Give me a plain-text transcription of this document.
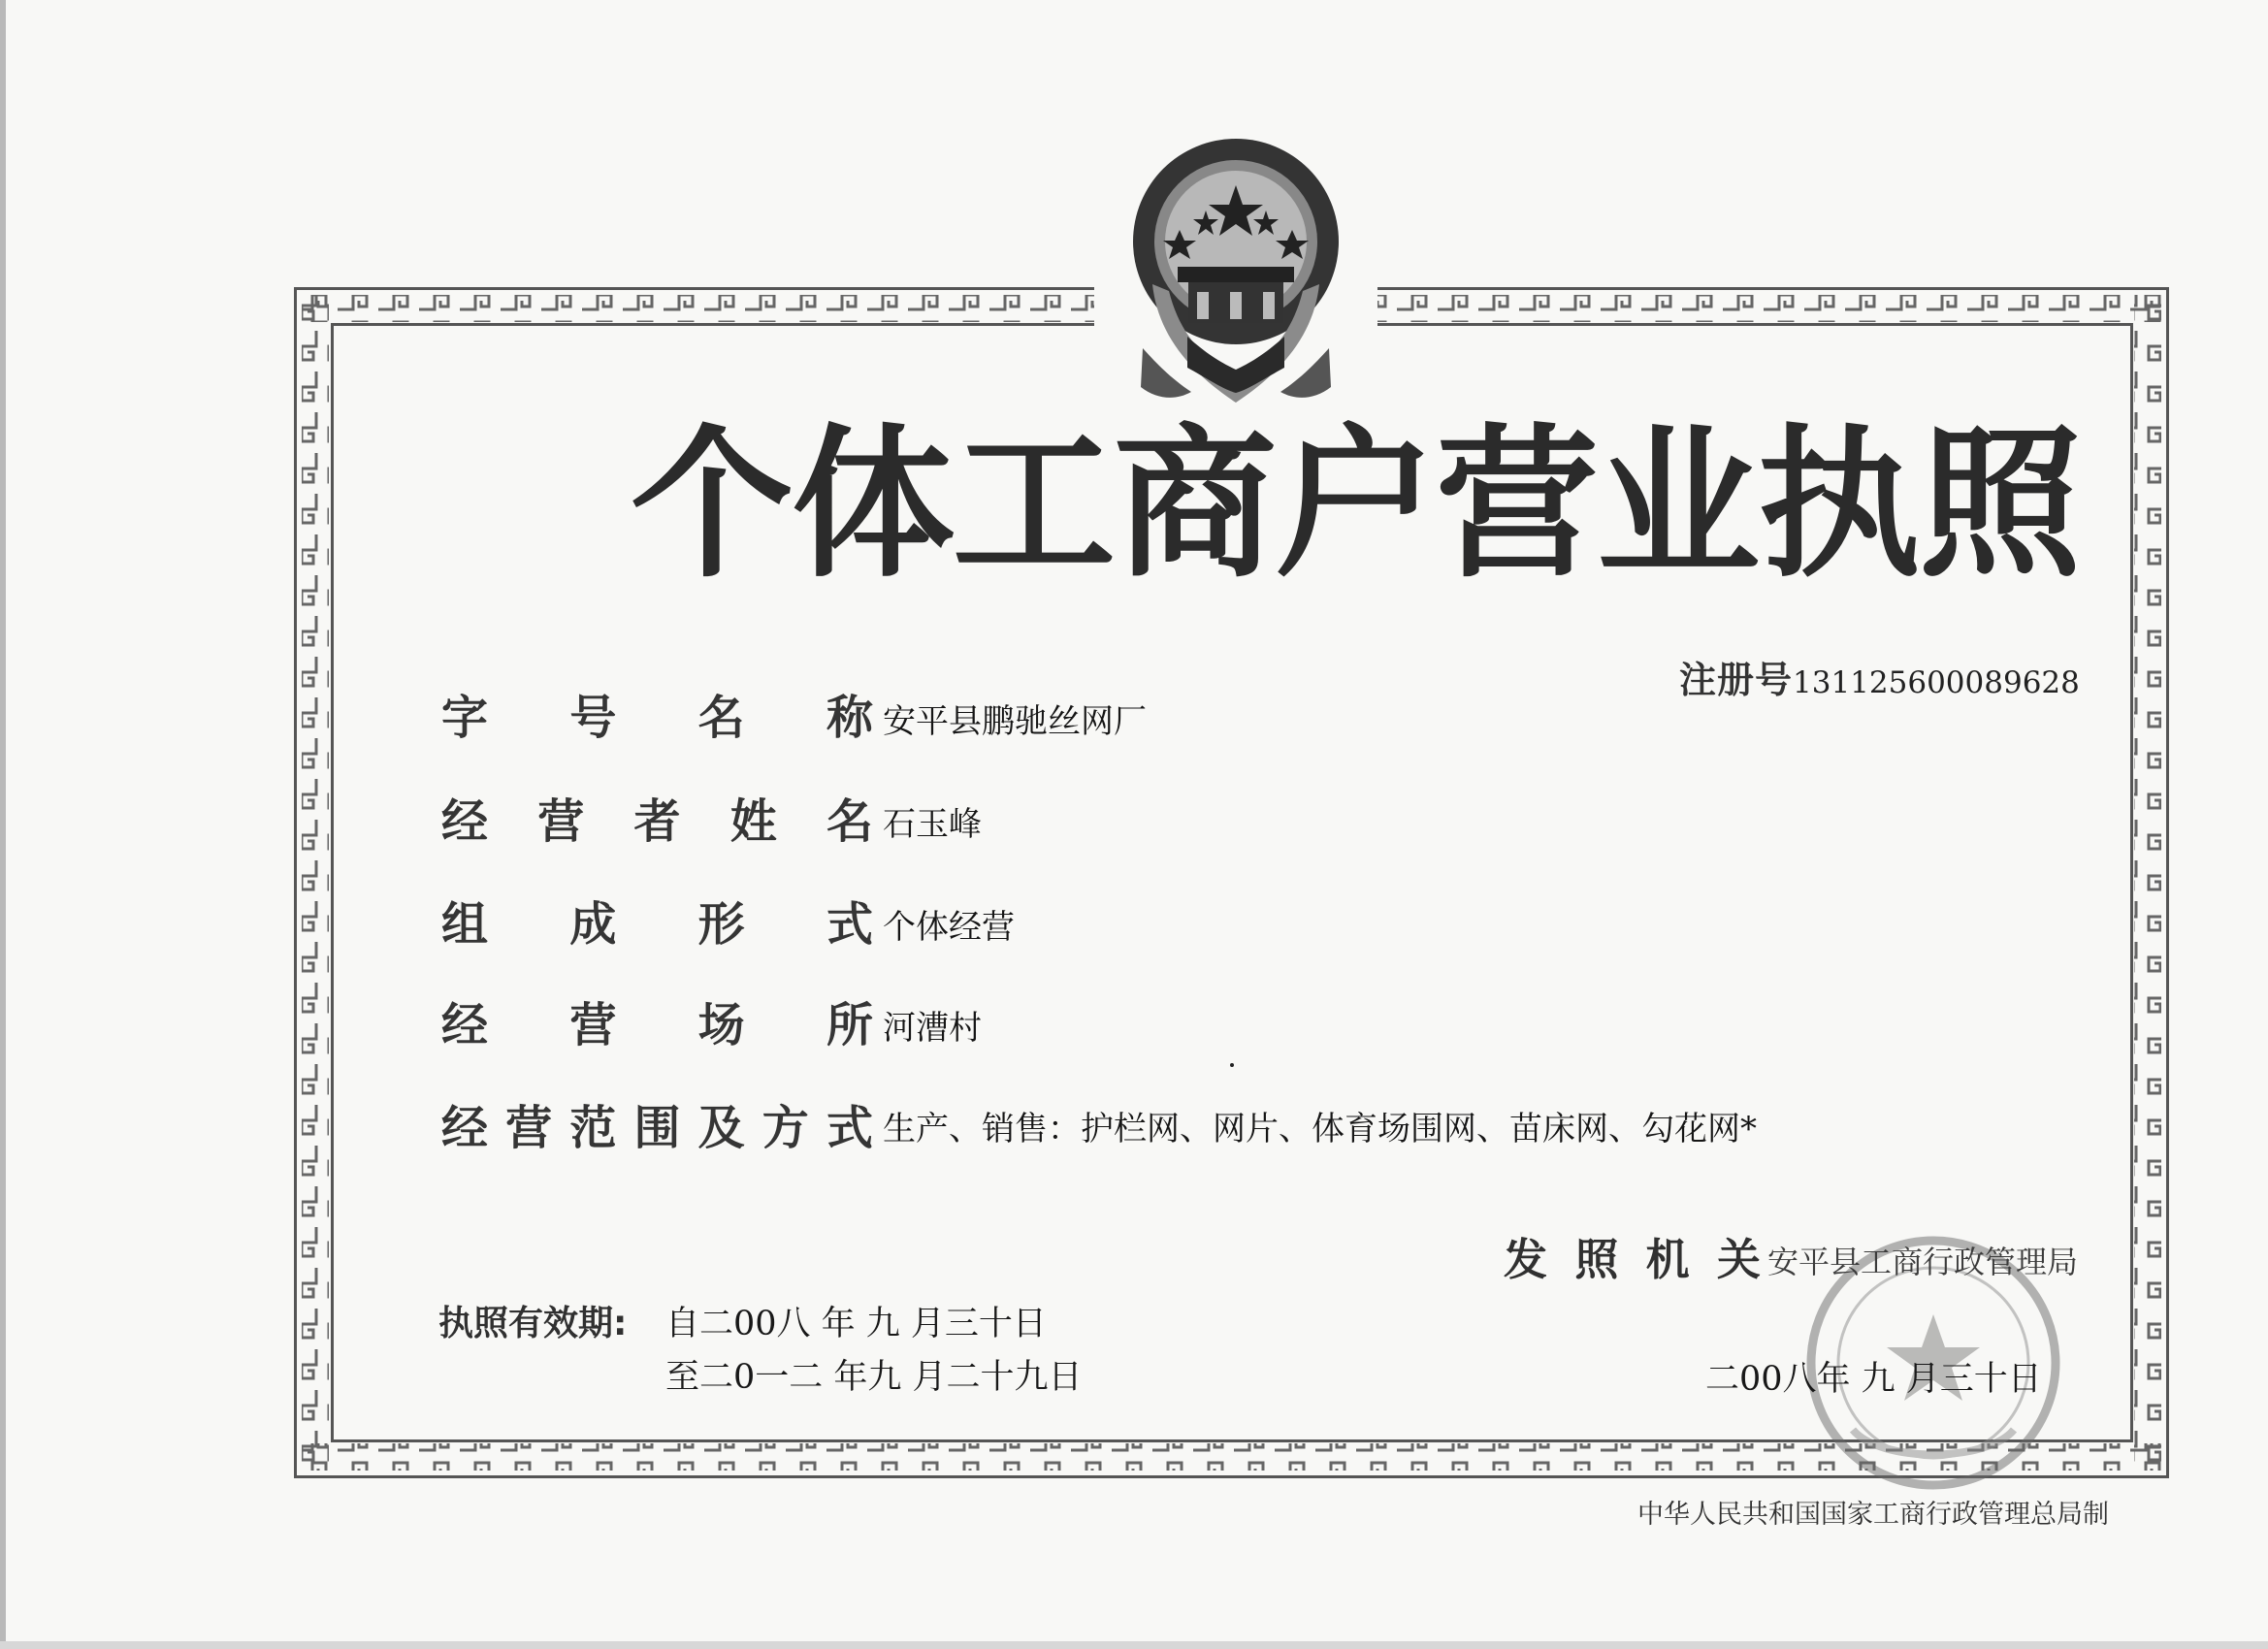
个体工商户营业执照
注册号131125600089628
字 号 名 称 安平县鹏驰丝网厂
经 营 者 姓 名 石玉峰
组 成 形 式 个体经营
经 营 场 所 河漕村
经 营 范 围 及 方 式 生产、销售：护栏网、网片、体育场围网、苗床网、勾花网*
发 照 机 关 安平县工商行政管理局
执照有效期: 自二00八 年 九 月三十日
至二0一二 年九 月二十九日	二00八年 九 月三十日
中华人民共和国国家工商行政管理总局制
